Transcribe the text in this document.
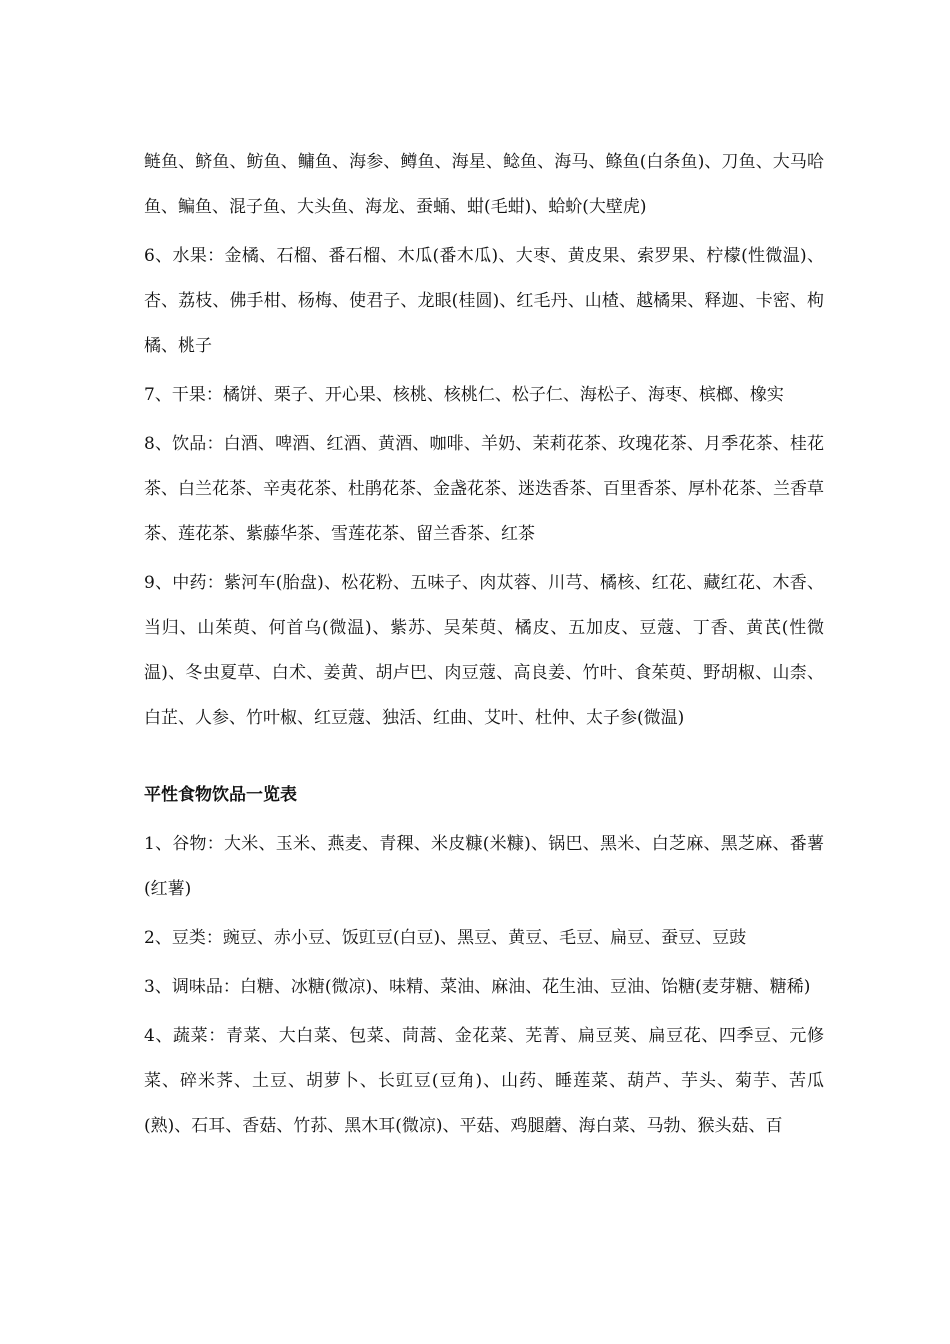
鲢鱼、鲚鱼、鲂鱼、鳙鱼、海参、鳟鱼、海星、鲶鱼、海马、鲦鱼(白条鱼)、刀鱼、大马哈鱼、鳊鱼、混子鱼、大头鱼、海龙、蚕蛹、蚶(毛蚶)、蛤蚧(大壁虎)

6、水果：金橘、石榴、番石榴、木瓜(番木瓜)、大枣、黄皮果、索罗果、柠檬(性微温)、杏、荔枝、佛手柑、杨梅、使君子、龙眼(桂圆)、红毛丹、山楂、越橘果、释迦、卡密、枸橘、桃子

7、干果：橘饼、栗子、开心果、核桃、核桃仁、松子仁、海松子、海枣、槟榔、橡实

8、饮品：白酒、啤酒、红酒、黄酒、咖啡、羊奶、茉莉花茶、玫瑰花茶、月季花茶、桂花茶、白兰花茶、辛夷花茶、杜鹃花茶、金盏花茶、迷迭香茶、百里香茶、厚朴花茶、兰香草茶、莲花茶、紫藤华茶、雪莲花茶、留兰香茶、红茶

9、中药：紫河车(胎盘)、松花粉、五味子、肉苁蓉、川芎、橘核、红花、藏红花、木香、当归、山茱萸、何首乌(微温)、紫苏、吴茱萸、橘皮、五加皮、豆蔻、丁香、黄芪(性微温)、冬虫夏草、白术、姜黄、胡卢巴、肉豆蔻、高良姜、竹叶、食茱萸、野胡椒、山柰、白芷、人参、竹叶椒、红豆蔻、独活、红曲、艾叶、杜仲、太子参(微温)

平性食物饮品一览表

1、谷物：大米、玉米、燕麦、青稞、米皮糠(米糠)、锅巴、黑米、白芝麻、黑芝麻、番薯(红薯)

2、豆类：豌豆、赤小豆、饭豇豆(白豆)、黑豆、黄豆、毛豆、扁豆、蚕豆、豆豉

3、调味品：白糖、冰糖(微凉)、味精、菜油、麻油、花生油、豆油、饴糖(麦芽糖、糖稀)

4、蔬菜：青菜、大白菜、包菜、茼蒿、金花菜、芜菁、扁豆荚、扁豆花、四季豆、元修菜、碎米荠、土豆、胡萝卜、长豇豆(豆角)、山药、睡莲菜、葫芦、芋头、菊芋、苦瓜(熟)、石耳、香菇、竹荪、黑木耳(微凉)、平菇、鸡腿蘑、海白菜、马勃、猴头菇、百
